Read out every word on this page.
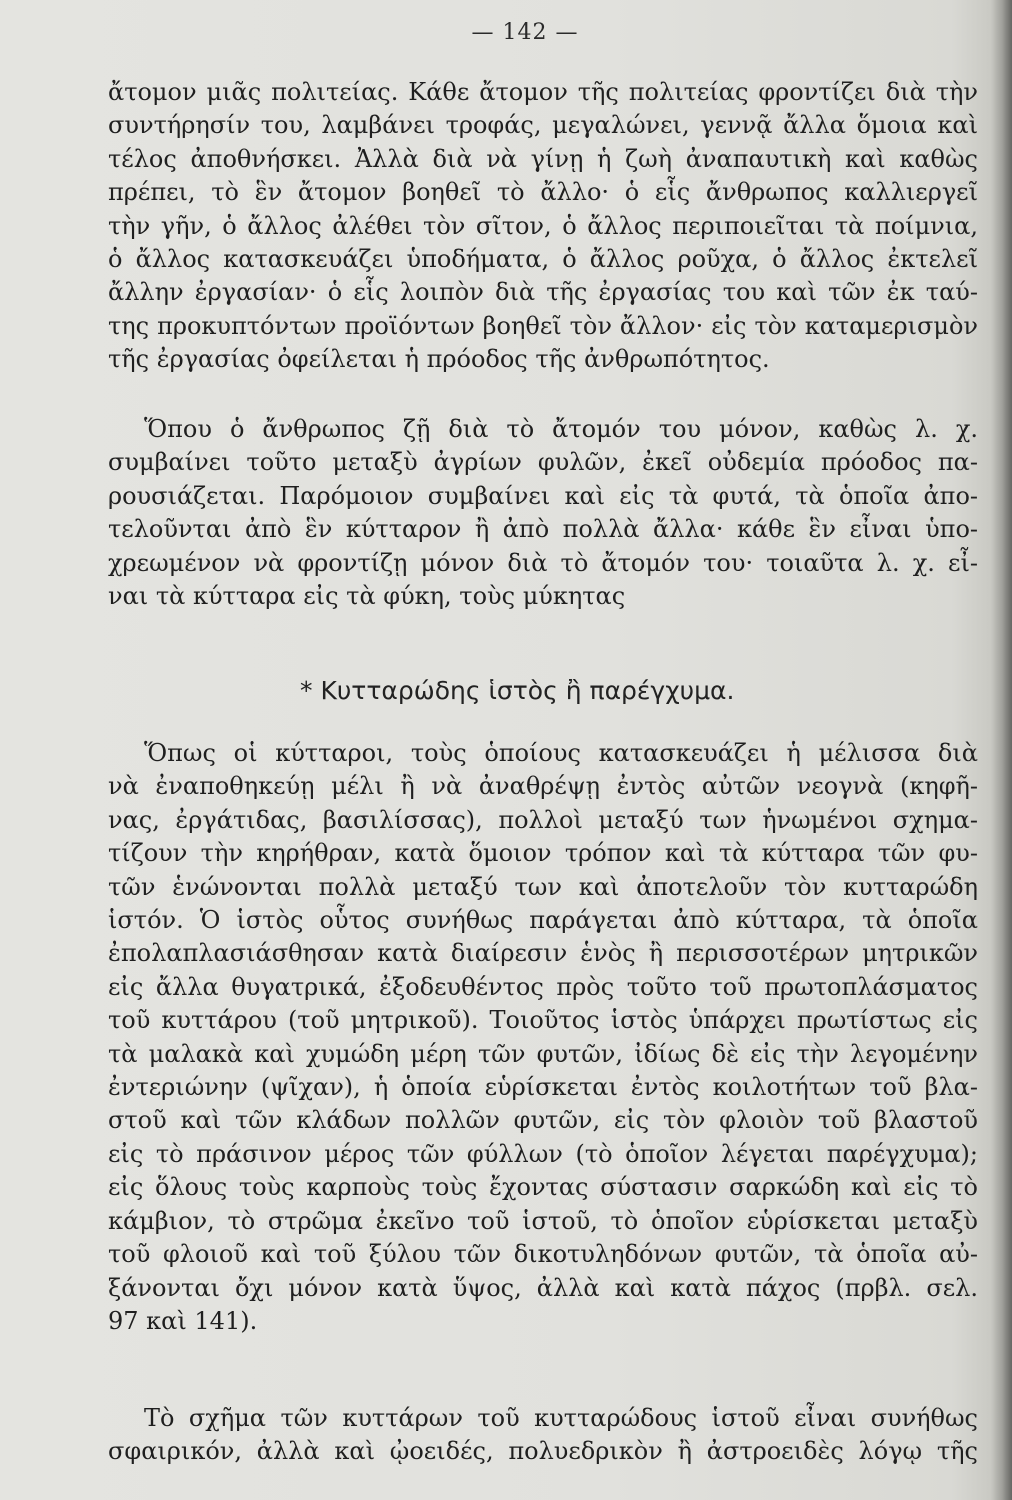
— 142 —
ἄτομον μιᾶς πολιτείας. Κάθε ἄτομον τῆς πολιτείας φροντίζει διὰ τὴν
συντήρησίν του, λαμβάνει τροφάς, μεγαλώνει, γεννᾷ ἄλλα ὅμοια καὶ
τέλος ἀποθνήσκει. Ἀλλὰ διὰ νὰ γίνῃ ἡ ζωὴ ἀναπαυτικὴ καὶ καθὼς
πρέπει, τὸ ἓν ἄτομον βοηθεῖ τὸ ἄλλο· ὁ εἷς ἄνθρωπος καλλιεργεῖ
τὴν γῆν, ὁ ἄλλος ἀλέθει τὸν σῖτον, ὁ ἄλλος περιποιεῖται τὰ ποίμνια,
ὁ ἄλλος κατασκευάζει ὑποδήματα, ὁ ἄλλος ροῦχα, ὁ ἄλλος ἐκτελεῖ
ἄλλην ἐργασίαν· ὁ εἷς λοιπὸν διὰ τῆς ἐργασίας του καὶ τῶν ἐκ ταύ-
της προκυπτόντων προϊόντων βοηθεῖ τὸν ἄλλον· εἰς τὸν καταμερισμὸν
τῆς ἐργασίας ὀφείλεται ἡ πρόοδος τῆς ἀνθρωπότητος.
Ὅπου ὁ ἄνθρωπος ζῇ διὰ τὸ ἄτομόν του μόνον, καθὼς λ. χ.
συμβαίνει τοῦτο μεταξὺ ἀγρίων φυλῶν, ἐκεῖ οὐδεμία πρόοδος πα-
ρουσιάζεται. Παρόμοιον συμβαίνει καὶ εἰς τὰ φυτά, τὰ ὁποῖα ἀπο-
τελοῦνται ἀπὸ ἓν κύτταρον ἢ ἀπὸ πολλὰ ἄλλα· κάθε ἓν εἶναι ὑπο-
χρεωμένον νὰ φροντίζῃ μόνον διὰ τὸ ἄτομόν του· τοιαῦτα λ. χ. εἶ-
ναι τὰ κύτταρα εἰς τὰ φύκη, τοὺς μύκητας
* Κυτταρώδης ἱστὸς ἢ παρέγχυμα.
Ὅπως οἱ κύτταροι, τοὺς ὁποίους κατασκευάζει ἡ μέλισσα διὰ
νὰ ἐναποθηκεύῃ μέλι ἢ νὰ ἀναθρέψῃ ἐντὸς αὐτῶν νεογνὰ (κηφῆ-
νας, ἐργάτιδας, βασιλίσσας), πολλοὶ μεταξύ των ἡνωμένοι σχημα-
τίζουν τὴν κηρήθραν, κατὰ ὅμοιον τρόπον καὶ τὰ κύτταρα τῶν φυ-
τῶν ἑνώνονται πολλὰ μεταξύ των καὶ ἀποτελοῦν τὸν κυτταρώδη
ἱστόν. Ὁ ἱστὸς οὗτος συνήθως παράγεται ἀπὸ κύτταρα, τὰ ὁποῖα
ἐπολαπλασιάσθησαν κατὰ διαίρεσιν ἑνὸς ἢ περισσοτέρων μητρικῶν
εἰς ἄλλα θυγατρικά, ἐξοδευθέντος πρὸς τοῦτο τοῦ πρωτοπλάσματος
τοῦ κυττάρου (τοῦ μητρικοῦ). Τοιοῦτος ἱστὸς ὑπάρχει πρωτίστως εἰς
τὰ μαλακὰ καὶ χυμώδη μέρη τῶν φυτῶν, ἰδίως δὲ εἰς τὴν λεγομένην
ἐντεριώνην (ψῖχαν), ἡ ὁποία εὑρίσκεται ἐντὸς κοιλοτήτων τοῦ βλα-
στοῦ καὶ τῶν κλάδων πολλῶν φυτῶν, εἰς τὸν φλοιὸν τοῦ βλαστοῦ
εἰς τὸ πράσινον μέρος τῶν φύλλων (τὸ ὁποῖον λέγεται παρέγχυμα);
εἰς ὅλους τοὺς καρποὺς τοὺς ἔχοντας σύστασιν σαρκώδη καὶ εἰς τὸ
κάμβιον, τὸ στρῶμα ἐκεῖνο τοῦ ἱστοῦ, τὸ ὁποῖον εὑρίσκεται μεταξὺ
τοῦ φλοιοῦ καὶ τοῦ ξύλου τῶν δικοτυληδόνων φυτῶν, τὰ ὁποῖα αὐ-
ξάνονται ὄχι μόνον κατὰ ὕψος, ἀλλὰ καὶ κατὰ πάχος (πρβλ. σελ.
97 καὶ 141).
Τὸ σχῆμα τῶν κυττάρων τοῦ κυτταρώδους ἱστοῦ εἶναι συνήθως
σφαιρικόν, ἀλλὰ καὶ ᾠοειδές, πολυεδρικὸν ἢ ἀστροειδὲς λόγῳ τῆς
